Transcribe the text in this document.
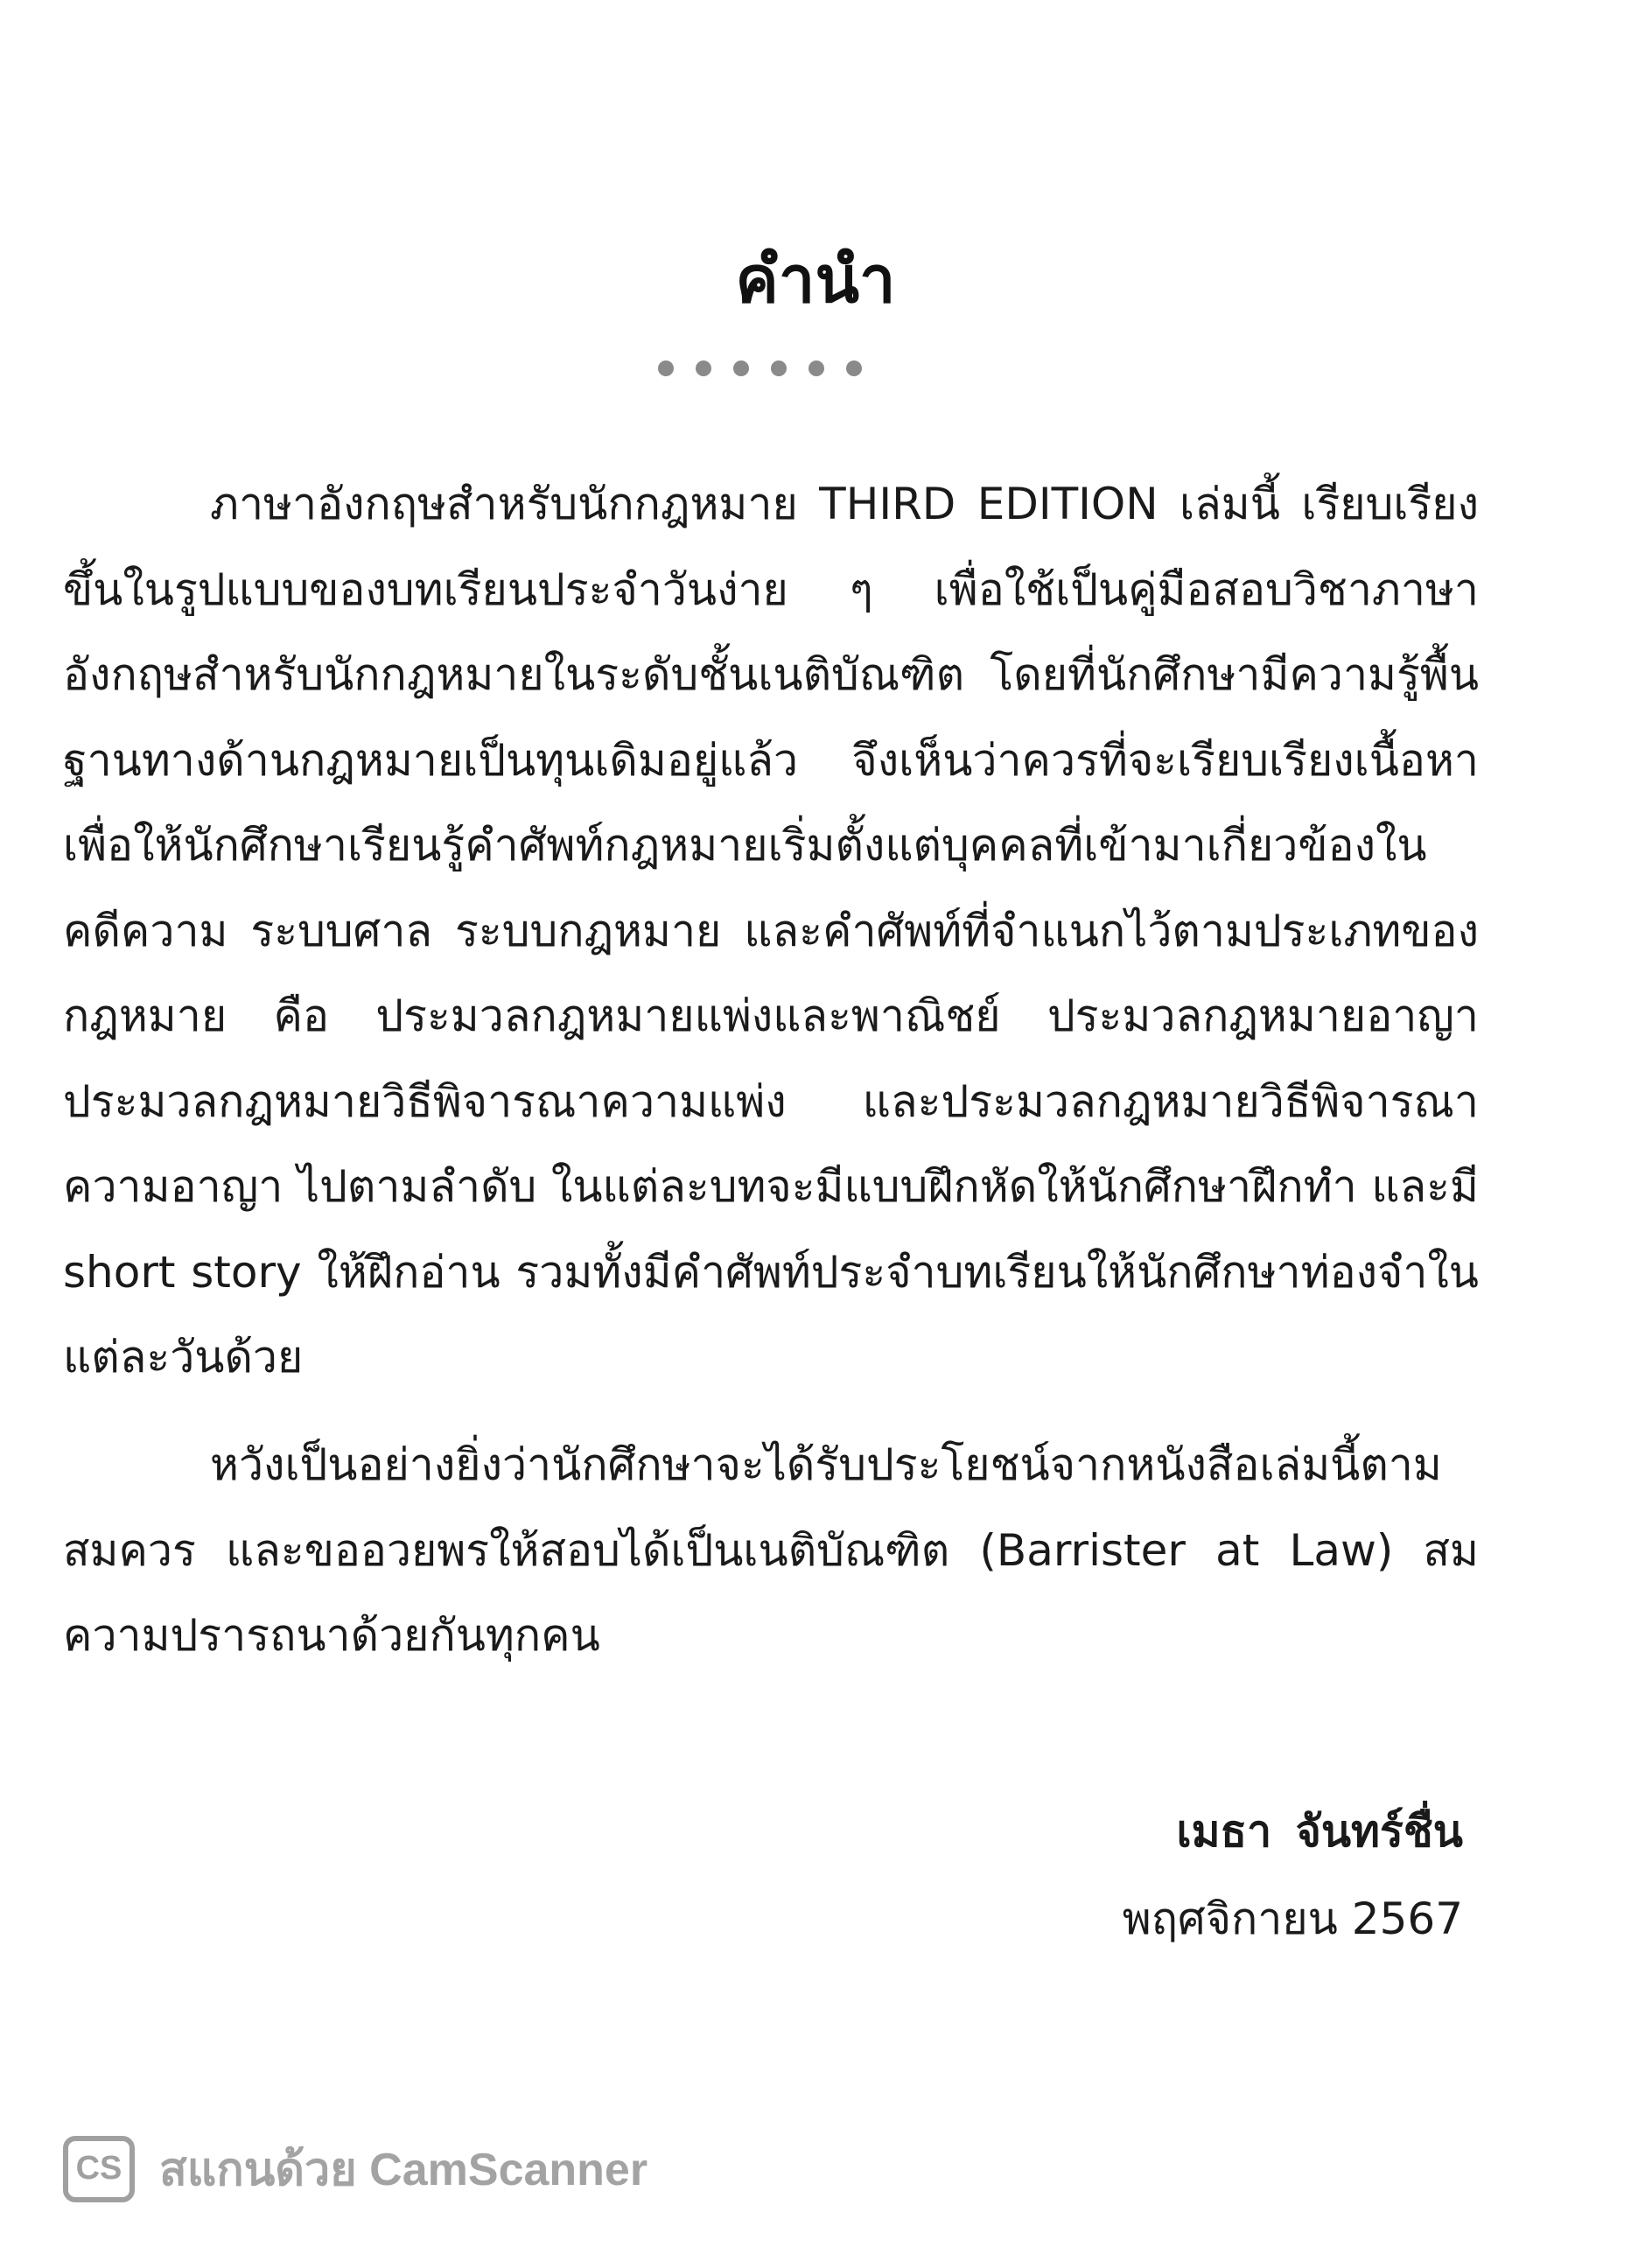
คำนำ

ภาษาอังกฤษสำหรับนักกฎหมาย THIRD EDITION เล่มนี้ เรียบเรียงขึ้นในรูปแบบของบทเรียนประจำวันง่าย ๆ เพื่อใช้เป็นคู่มือสอบวิชาภาษาอังกฤษสำหรับนักกฎหมายในระดับชั้นเนติบัณฑิต โดยที่นักศึกษามีความรู้พื้นฐานทางด้านกฎหมายเป็นทุนเดิมอยู่แล้ว จึงเห็นว่าควรที่จะเรียบเรียงเนื้อหาเพื่อให้นักศึกษาเรียนรู้คำศัพท์กฎหมายเริ่มตั้งแต่บุคคลที่เข้ามาเกี่ยวข้องในคดีความ ระบบศาล ระบบกฎหมาย และคำศัพท์ที่จำแนกไว้ตามประเภทของกฎหมาย คือ ประมวลกฎหมายแพ่งและพาณิชย์ ประมวลกฎหมายอาญา ประมวลกฎหมายวิธีพิจารณาความแพ่ง และประมวลกฎหมายวิธีพิจารณาความอาญา ไปตามลำดับ ในแต่ละบทจะมีแบบฝึกหัดให้นักศึกษาฝึกทำ และมี short story ให้ฝึกอ่าน รวมทั้งมีคำศัพท์ประจำบทเรียนให้นักศึกษาท่องจำในแต่ละวันด้วย

หวังเป็นอย่างยิ่งว่านักศึกษาจะได้รับประโยชน์จากหนังสือเล่มนี้ตามสมควร และขออวยพรให้สอบได้เป็นเนติบัณฑิต (Barrister at Law) สมความปรารถนาด้วยกันทุกคน

เมธา จันทร์ชื่น
พฤศจิกายน 2567
CS สแกนด้วย CamScanner
